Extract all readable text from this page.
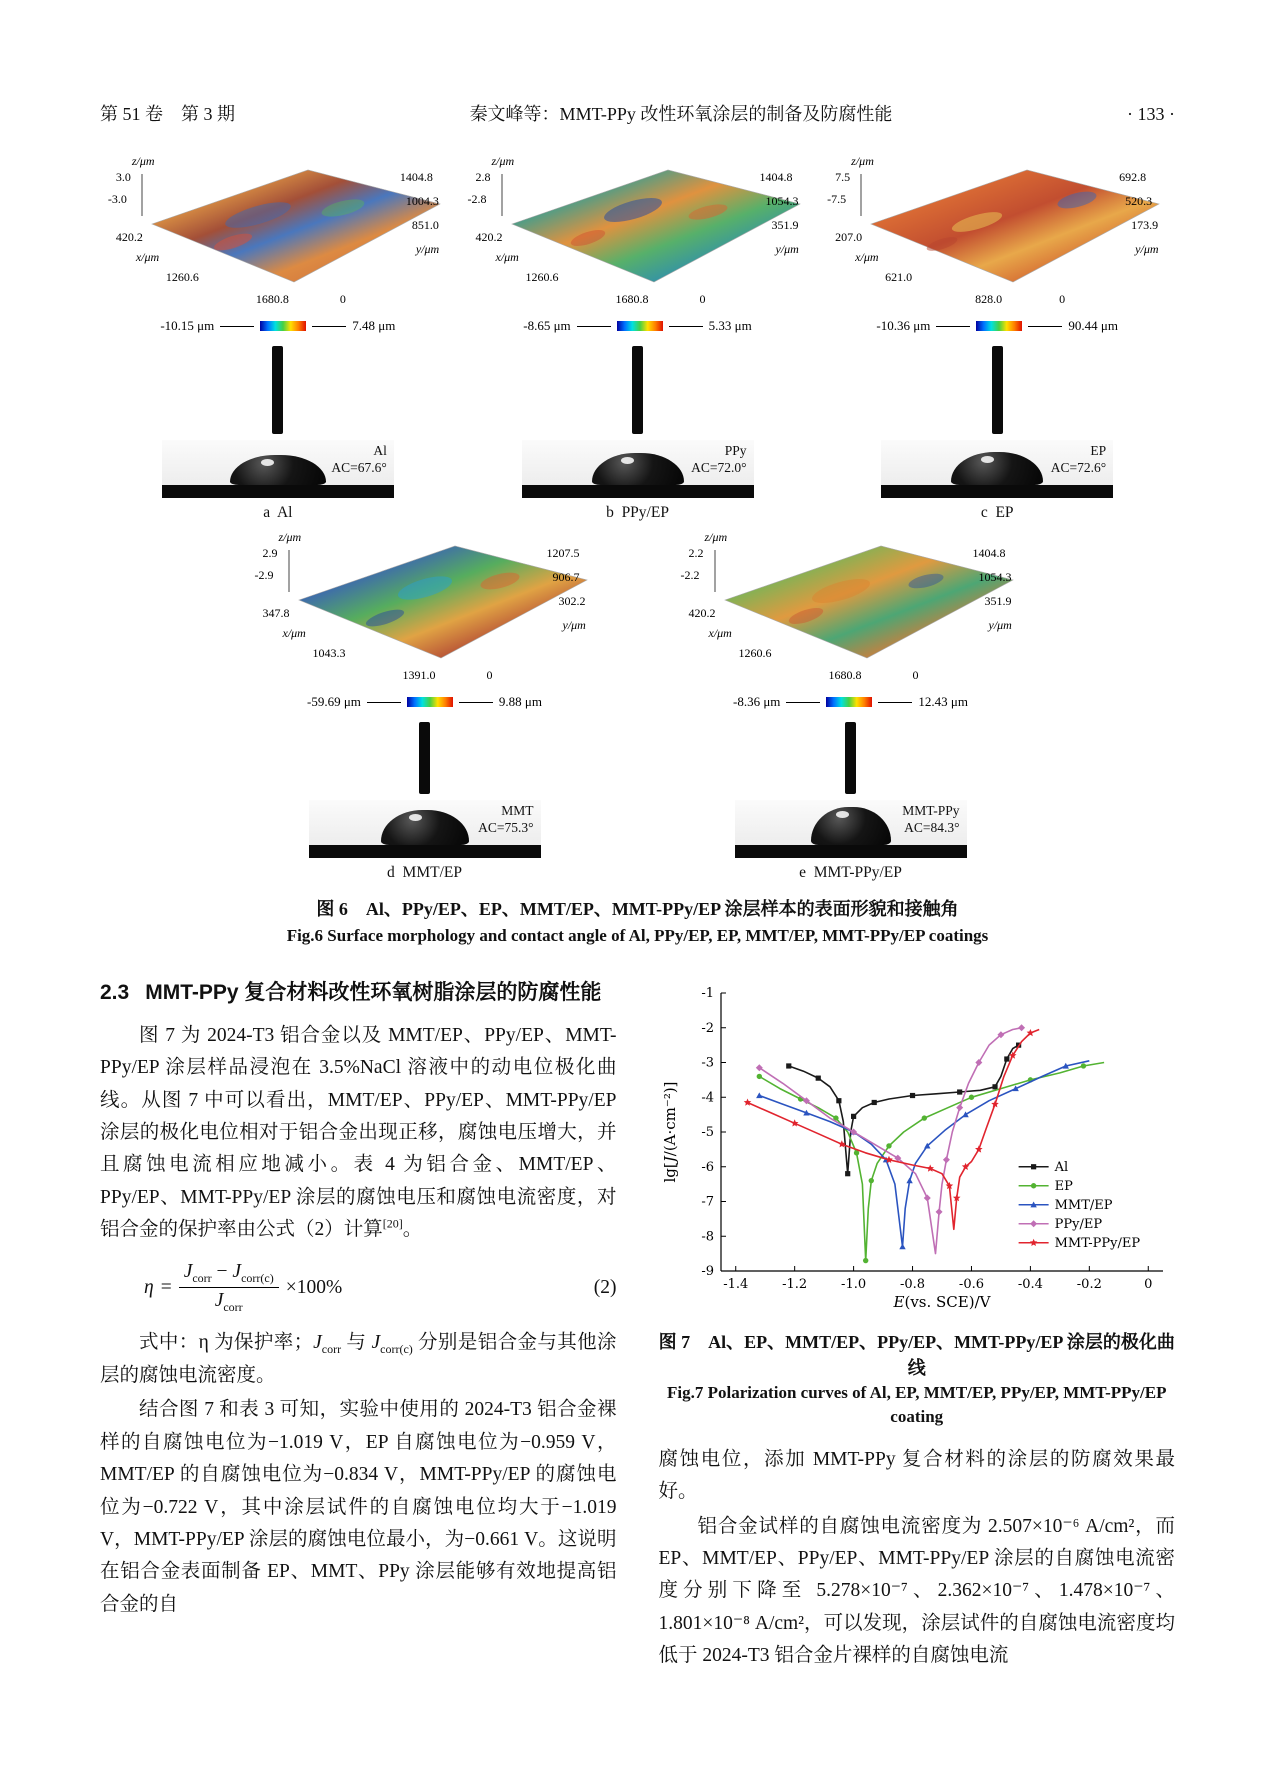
第 51 卷　第 3 期	秦文峰等：MMT-PPy 改性环氧涂层的制备及防腐性能	· 133 ·
z/μm
3.0
-3.0
420.2
x/μm
1260.6
1680.8	0
1404.8
1004.3
851.0
y/μm
-10.15 μm	7.48 μm
Al
AC=67.6°
a  Al
z/μm
2.8
-2.8
420.2
x/μm
1260.6
1680.8	0
1404.8
1054.3
351.9
y/μm
-8.65 μm	5.33 μm
PPy
AC=72.0°
b  PPy/EP
z/μm
7.5
-7.5
207.0
x/μm
621.0
828.0	0
692.8
520.3
173.9
y/μm
-10.36 μm	90.44 μm
EP
AC=72.6°
c  EP
z/μm
2.9
-2.9
347.8
x/μm
1043.3
1391.0	0
1207.5
906.7
302.2
y/μm
-59.69 μm	9.88 μm
MMT
AC=75.3°
d  MMT/EP
z/μm
2.2
-2.2
420.2
x/μm
1260.6
1680.8	0
1404.8
1054.3
351.9
y/μm
-8.36 μm	12.43 μm
MMT-PPy
AC=84.3°
e  MMT-PPy/EP
图 6　Al、PPy/EP、EP、MMT/EP、MMT-PPy/EP 涂层样本的表面形貌和接触角
Fig.6 Surface morphology and contact angle of Al, PPy/EP, EP, MMT/EP, MMT-PPy/EP coatings
2.3 MMT-PPy 复合材料改性环氧树脂涂层的防腐性能

图 7 为 2024-T3 铝合金以及 MMT/EP、PPy/EP、MMT-PPy/EP 涂层样品浸泡在 3.5%NaCl 溶液中的动电位极化曲线。从图 7 中可以看出，MMT/EP、PPy/EP、MMT-PPy/EP 涂层的极化电位相对于铝合金出现正移，腐蚀电压增大，并且腐蚀电流相应地减小。表 4 为铝合金、MMT/EP、PPy/EP、MMT-PPy/EP 涂层的腐蚀电压和腐蚀电流密度，对铝合金的保护率由公式（2）计算[20]。

$\eta = \frac{J_{corr} - J_{corr(c)}}{J_{corr}} \times 100\%$	(2)

式中：η 为保护率；$J_{corr}$ 与 $J_{corr(c)}$ 分别是铝合金与其他涂层的腐蚀电流密度。

结合图 7 和表 3 可知，实验中使用的 2024-T3 铝合金裸样的自腐蚀电位为−1.019 V，EP 自腐蚀电位为−0.959 V，MMT/EP 的自腐蚀电位为−0.834 V，MMT-PPy/EP 的腐蚀电位为−0.722 V，其中涂层试件的自腐蚀电位均大于−1.019 V，MMT-PPy/EP 涂层的腐蚀电位最小，为−0.661 V。这说明在铝合金表面制备 EP、MMT、PPy 涂层能够有效地提高铝合金的自

-1.4	-1.2	-1.0	-0.8	-0.6	-0.4	-0.2	0
-9
-8
-7
-6
-5
-4
-3
-2
-1
E(vs. SCE)/V
lg[J/(A·cm⁻²)]
Al
EP
MMT/EP
PPy/EP
MMT-PPy/EP
图 7　Al、EP、MMT/EP、PPy/EP、MMT-PPy/EP 涂层的极化曲线
Fig.7 Polarization curves of Al, EP, MMT/EP, PPy/EP, MMT-PPy/EP coating

腐蚀电位，添加 MMT-PPy 复合材料的涂层的防腐效果最好。

铝合金试样的自腐蚀电流密度为 2.507×10⁻⁶ A/cm²，而 EP、MMT/EP、PPy/EP、MMT-PPy/EP 涂层的自腐蚀电流密度分别下降至 5.278×10⁻⁷、2.362×10⁻⁷、1.478×10⁻⁷、1.801×10⁻⁸ A/cm²，可以发现，涂层试件的自腐蚀电流密度均低于 2024-T3 铝合金片裸样的自腐蚀电流
